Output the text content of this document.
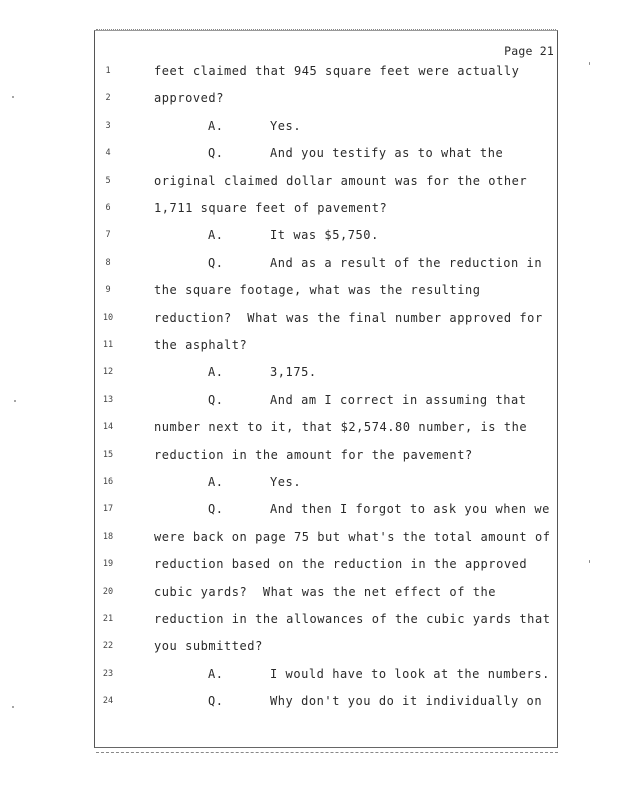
Page 21
1	feet claimed that 945 square feet were actually
2	approved?
3	A.	Yes.
4	Q.	And you testify as to what the
5	original claimed dollar amount was for the other
6	1,711 square feet of pavement?
7	A.	It was $5,750.
8	Q.	And as a result of the reduction in
9	the square footage, what was the resulting
10	reduction?  What was the final number approved for
11	the asphalt?
12	A.	3,175.
13	Q.	And am I correct in assuming that
14	number next to it, that $2,574.80 number, is the
15	reduction in the amount for the pavement?
16	A.	Yes.
17	Q.	And then I forgot to ask you when we
18	were back on page 75 but what's the total amount of
19	reduction based on the reduction in the approved
20	cubic yards?  What was the net effect of the
21	reduction in the allowances of the cubic yards that
22	you submitted?
23	A.	I would have to look at the numbers.
24	Q.	Why don't you do it individually on
